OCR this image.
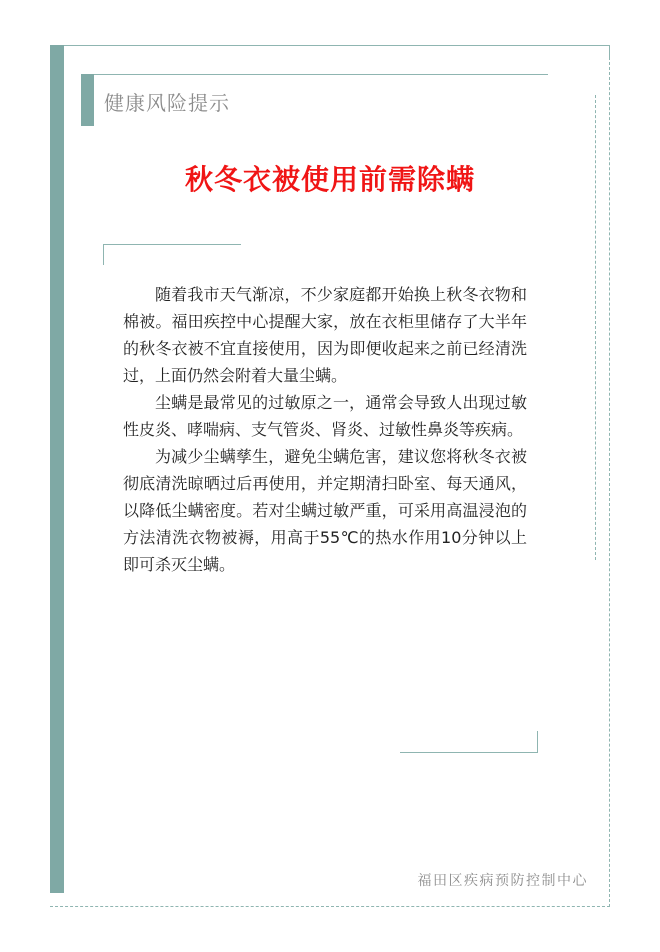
健康风险提示
秋冬衣被使用前需除螨

随着我市天气渐凉，不少家庭都开始换上秋冬衣物和棉被。福田疾控中心提醒大家，放在衣柜里储存了大半年的秋冬衣被不宜直接使用，因为即便收起来之前已经清洗过，上面仍然会附着大量尘螨。

尘螨是最常见的过敏原之一，通常会导致人出现过敏性皮炎、哮喘病、支气管炎、肾炎、过敏性鼻炎等疾病。

为减少尘螨孳生，避免尘螨危害，建议您将秋冬衣被彻底清洗晾晒过后再使用，并定期清扫卧室、每天通风，以降低尘螨密度。若对尘螨过敏严重，可采用高温浸泡的方法清洗衣物被褥，用高于55℃的热水作用10分钟以上即可杀灭尘螨。

福田区疾病预防控制中心
